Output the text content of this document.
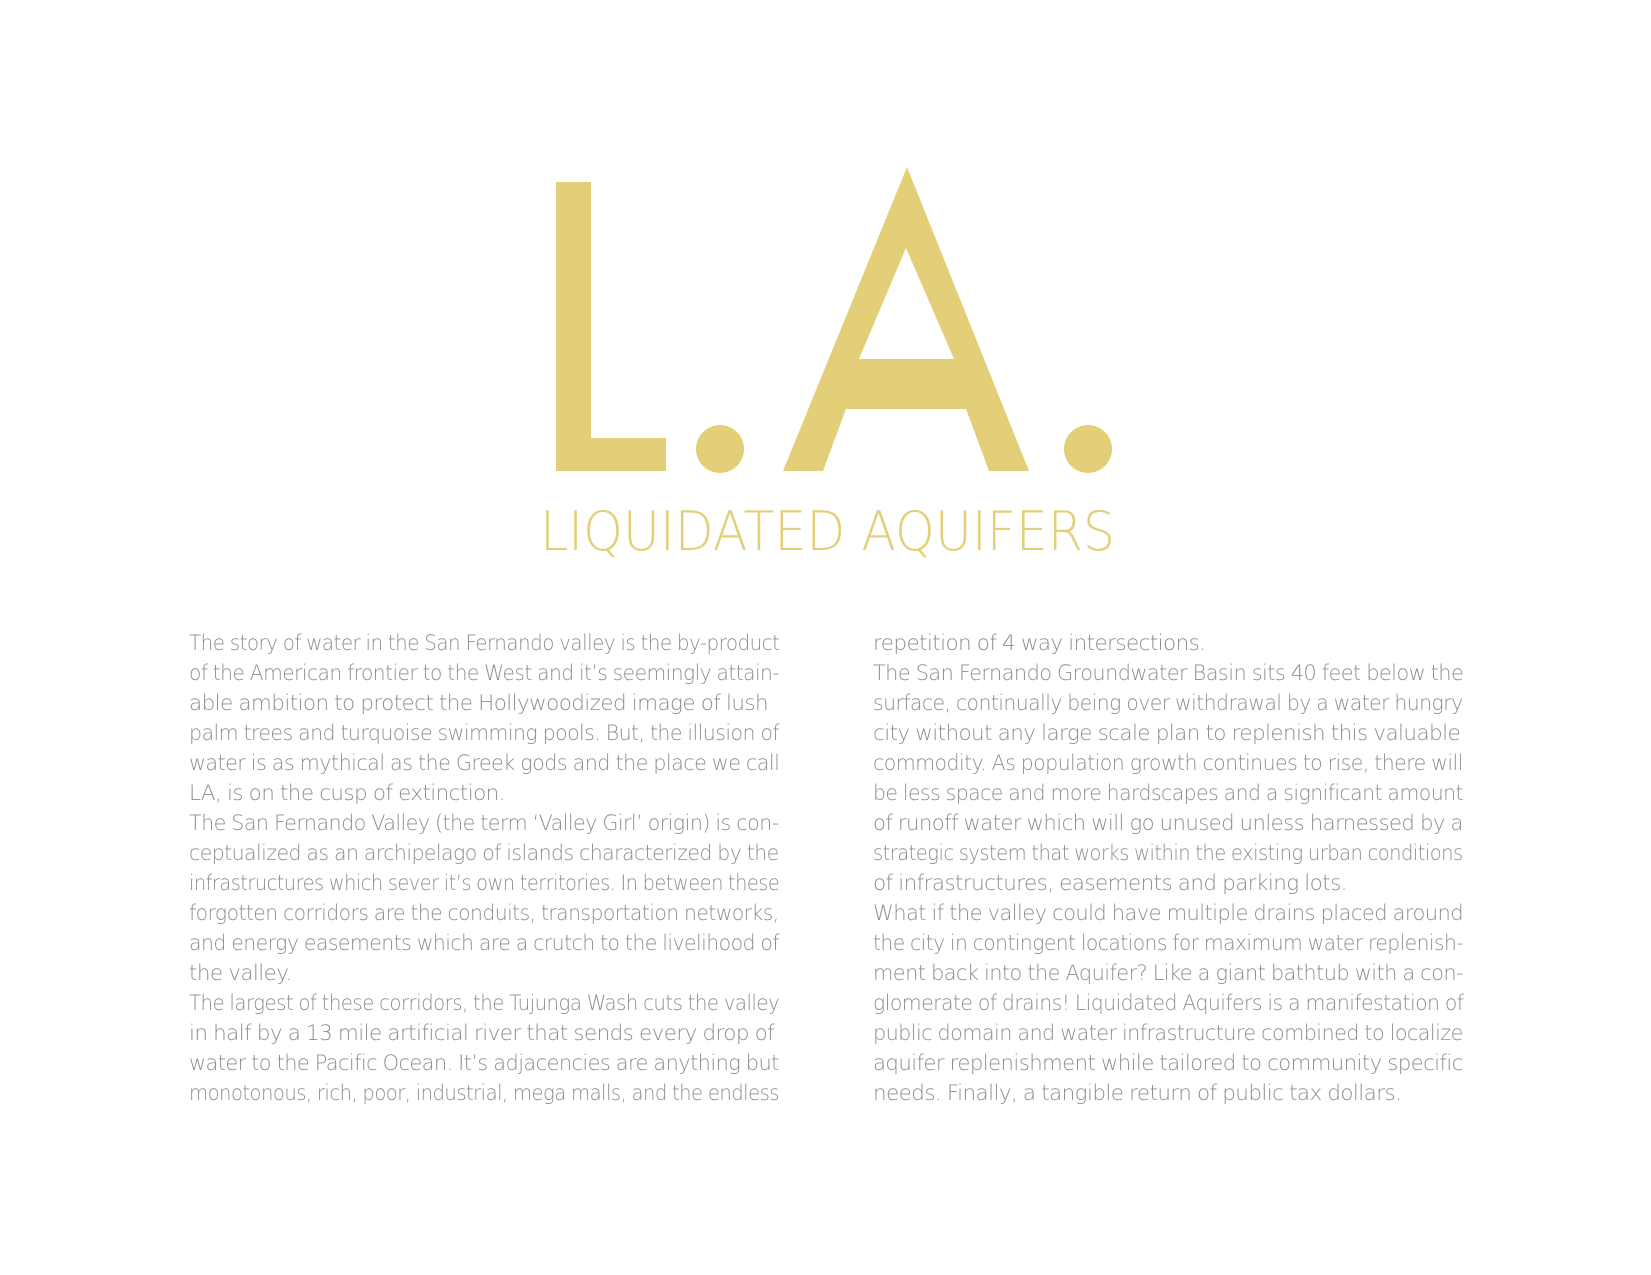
LIQUIDATED AQUIFERS
The story of water in the San Fernando valley is the by-product
of the American frontier to the West and it’s seemingly attain-
able ambition to protect the Hollywoodized image of lush
palm trees and turquoise swimming pools. But, the illusion of
water is as mythical as the Greek gods and the place we call
LA, is on the cusp of extinction.
The San Fernando Valley (the term ‘Valley Girl’ origin) is con-
ceptualized as an archipelago of islands characterized by the
infrastructures which sever it’s own territories. In between these
forgotten corridors are the conduits, transportation networks,
and energy easements which are a crutch to the livelihood of
the valley.
The largest of these corridors, the Tujunga Wash cuts the valley
in half by a 13 mile artificial river that sends every drop of
water to the Pacific Ocean. It’s adjacencies are anything but
monotonous, rich, poor, industrial, mega malls, and the endless
repetition of 4 way intersections.
The San Fernando Groundwater Basin sits 40 feet below the
surface, continually being over withdrawal by a water hungry
city without any large scale plan to replenish this valuable
commodity. As population growth continues to rise, there will
be less space and more hardscapes and a significant amount
of runoff water which will go unused unless harnessed by a
strategic system that works within the existing urban conditions
of infrastructures, easements and parking lots.
What if the valley could have multiple drains placed around
the city in contingent locations for maximum water replenish-
ment back into the Aquifer? Like a giant bathtub with a con-
glomerate of drains! Liquidated Aquifers is a manifestation of
public domain and water infrastructure combined to localize
aquifer replenishment while tailored to community specific
needs. Finally, a tangible return of public tax dollars.
